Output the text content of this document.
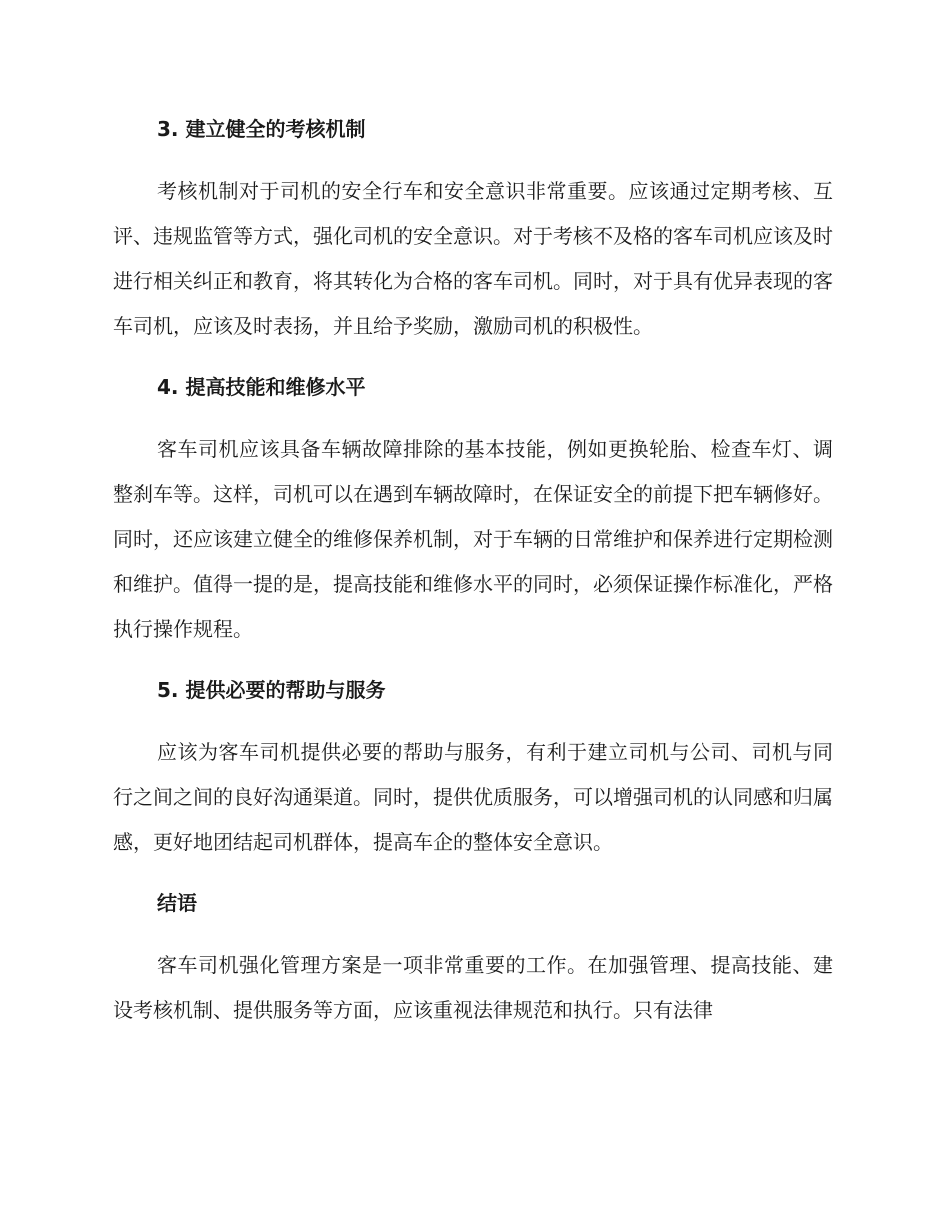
3. 建立健全的考核机制

考核机制对于司机的安全行车和安全意识非常重要。应该通过定期考核、互评、违规监管等方式，强化司机的安全意识。对于考核不及格的客车司机应该及时进行相关纠正和教育，将其转化为合格的客车司机。同时，对于具有优异表现的客车司机，应该及时表扬，并且给予奖励，激励司机的积极性。

4. 提高技能和维修水平

客车司机应该具备车辆故障排除的基本技能，例如更换轮胎、检查车灯、调整刹车等。这样，司机可以在遇到车辆故障时，在保证安全的前提下把车辆修好。同时，还应该建立健全的维修保养机制，对于车辆的日常维护和保养进行定期检测和维护。值得一提的是，提高技能和维修水平的同时，必须保证操作标准化，严格执行操作规程。

5. 提供必要的帮助与服务

应该为客车司机提供必要的帮助与服务，有利于建立司机与公司、司机与同行之间之间的良好沟通渠道。同时，提供优质服务，可以增强司机的认同感和归属感，更好地团结起司机群体，提高车企的整体安全意识。

结语

客车司机强化管理方案是一项非常重要的工作。在加强管理、提高技能、建设考核机制、提供服务等方面，应该重视法律规范和执行。只有法律
